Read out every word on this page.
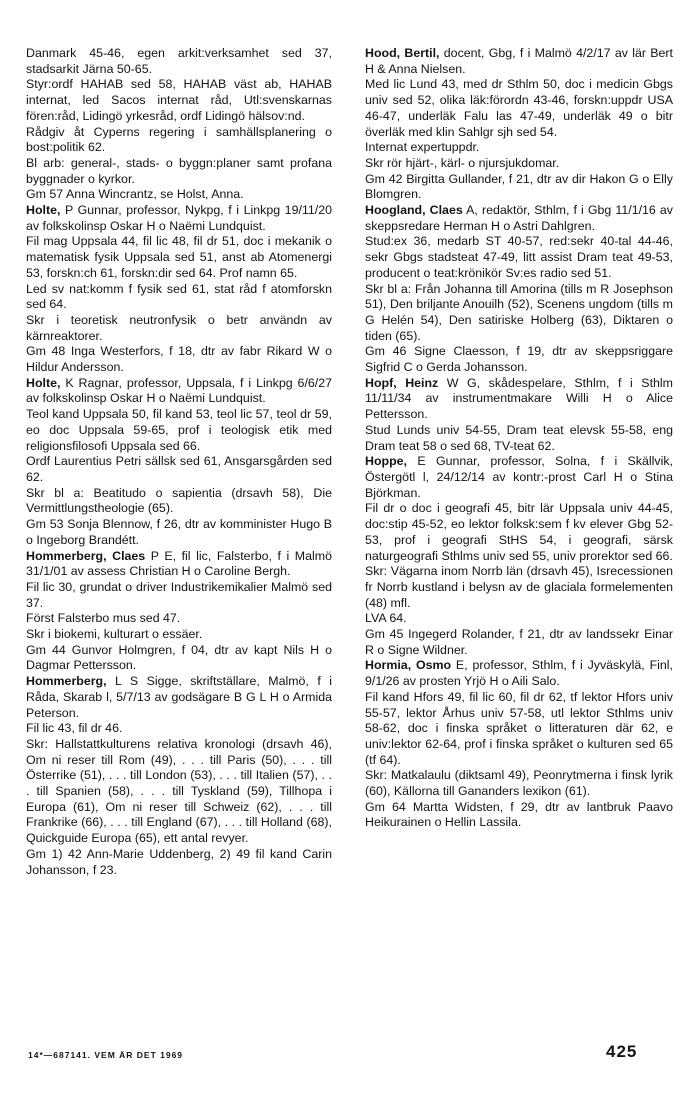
Danmark 45-46, egen arkit:verksamhet sed 37, stadsarkit Järna 50-65.

Styr:ordf HAHAB sed 58, HAHAB väst ab, HAHAB internat, led Sacos internat råd, Utl:svenskarnas fören:råd, Lidingö yrkesråd, ordf Lidingö hälsov:nd.

Rådgiv åt Cyperns regering i samhällsplanering o bost:politik 62.

Bl arb: general-, stads- o byggn:planer samt profana byggnader o kyrkor.

Gm 57 Anna Wincrantz, se Holst, Anna.

Holte, P Gunnar, professor, Nykpg, f i Linkpg 19/11/20 av folkskolinsp Oskar H o Naëmi Lundquist.

Fil mag Uppsala 44, fil lic 48, fil dr 51, doc i mekanik o matematisk fysik Uppsala sed 51, anst ab Atomenergi 53, forskn:ch 61, forskn:dir sed 64. Prof namn 65.

Led sv nat:komm f fysik sed 61, stat råd f atomforskn sed 64.

Skr i teoretisk neutronfysik o betr användn av kärnreaktorer.

Gm 48 Inga Westerfors, f 18, dtr av fabr Rikard W o Hildur Andersson.

Holte, K Ragnar, professor, Uppsala, f i Linkpg 6/6/27 av folkskolinsp Oskar H o Naëmi Lundquist.

Teol kand Uppsala 50, fil kand 53, teol lic 57, teol dr 59, eo doc Uppsala 59-65, prof i teologisk etik med religionsfilosofi Uppsala sed 66.

Ordf Laurentius Petri sällsk sed 61, Ansgarsgården sed 62.

Skr bl a: Beatitudo o sapientia (drsavh 58), Die Vermittlungstheologie (65).

Gm 53 Sonja Blennow, f 26, dtr av komminister Hugo B o Ingeborg Brandétt.

Hommerberg, Claes P E, fil lic, Falsterbo, f i Malmö 31/1/01 av assess Christian H o Caroline Bergh.

Fil lic 30, grundat o driver Industrikemikalier Malmö sed 37.

Först Falsterbo mus sed 47.

Skr i biokemi, kulturart o essäer.

Gm 44 Gunvor Holmgren, f 04, dtr av kapt Nils H o Dagmar Pettersson.

Hommerberg, L S Sigge, skriftställare, Malmö, f i Råda, Skarab l, 5/7/13 av godsägare B G L H o Armida Peterson.

Fil lic 43, fil dr 46.

Skr: Hallstattkulturens relativa kronologi (drsavh 46), Om ni reser till Rom (49), . . . till Paris (50), . . . till Österrike (51), . . . till London (53), . . . till Italien (57), . . . till Spanien (58), . . . till Tyskland (59), Tillhopa i Europa (61), Om ni reser till Schweiz (62), . . . till Frankrike (66), . . . till England (67), . . . till Holland (68), Quickguide Europa (65), ett antal revyer.

Gm 1) 42 Ann-Marie Uddenberg, 2) 49 fil kand Carin Johansson, f 23.

Hood, Bertil, docent, Gbg, f i Malmö 4/2/17 av lär Bert H & Anna Nielsen.

Med lic Lund 43, med dr Sthlm 50, doc i medicin Gbgs univ sed 52, olika läk:förordn 43-46, forskn:uppdr USA 46-47, underläk Falu las 47-49, underläk 49 o bitr överläk med klin Sahlgr sjh sed 54.

Internat expertuppdr.

Skr rör hjärt-, kärl- o njursjukdomar.

Gm 42 Birgitta Gullander, f 21, dtr av dir Hakon G o Elly Blomgren.

Hoogland, Claes A, redaktör, Sthlm, f i Gbg 11/1/16 av skeppsredare Herman H o Astri Dahlgren.

Stud:ex 36, medarb ST 40-57, red:sekr 40-tal 44-46, sekr Gbgs stadsteat 47-49, litt assist Dram teat 49-53, producent o teat:krönikör Sv:es radio sed 51.

Skr bl a: Från Johanna till Amorina (tills m R Josephson 51), Den briljante Anouilh (52), Scenens ungdom (tills m G Helén 54), Den satiriske Holberg (63), Diktaren o tiden (65).

Gm 46 Signe Claesson, f 19, dtr av skeppsriggare Sigfrid C o Gerda Johansson.

Hopf, Heinz W G, skådespelare, Sthlm, f i Sthlm 11/11/34 av instrumentmakare Willi H o Alice Pettersson.

Stud Lunds univ 54-55, Dram teat elevsk 55-58, eng Dram teat 58 o sed 68, TV-teat 62.

Hoppe, E Gunnar, professor, Solna, f i Skällvik, Östergötl l, 24/12/14 av kontr:-prost Carl H o Stina Björkman.

Fil dr o doc i geografi 45, bitr lär Uppsala univ 44-45, doc:stip 45-52, eo lektor folksk:sem f kv elever Gbg 52-53, prof i geografi StHS 54, i geografi, särsk naturgeografi Sthlms univ sed 55, univ prorektor sed 66.

Skr: Vägarna inom Norrb län (drsavh 45), Isrecessionen fr Norrb kustland i belysn av de glaciala formelementen (48) mfl.

LVA 64.

Gm 45 Ingegerd Rolander, f 21, dtr av landssekr Einar R o Signe Wildner.

Hormia, Osmo E, professor, Sthlm, f i Jyväskylä, Finl, 9/1/26 av prosten Yrjö H o Aili Salo.

Fil kand Hfors 49, fil lic 60, fil dr 62, tf lektor Hfors univ 55-57, lektor Århus univ 57-58, utl lektor Sthlms univ 58-62, doc i finska språket o litteraturen där 62, e univ:lektor 62-64, prof i finska språket o kulturen sed 65 (tf 64).

Skr: Matkalaulu (diktsaml 49), Peonrytmerna i finsk lyrik (60), Källorna till Gananders lexikon (61).

Gm 64 Martta Widsten, f 29, dtr av lantbruk Paavo Heikurainen o Hellin Lassila.

14*—687141. VEM ÄR DET 1969	425
